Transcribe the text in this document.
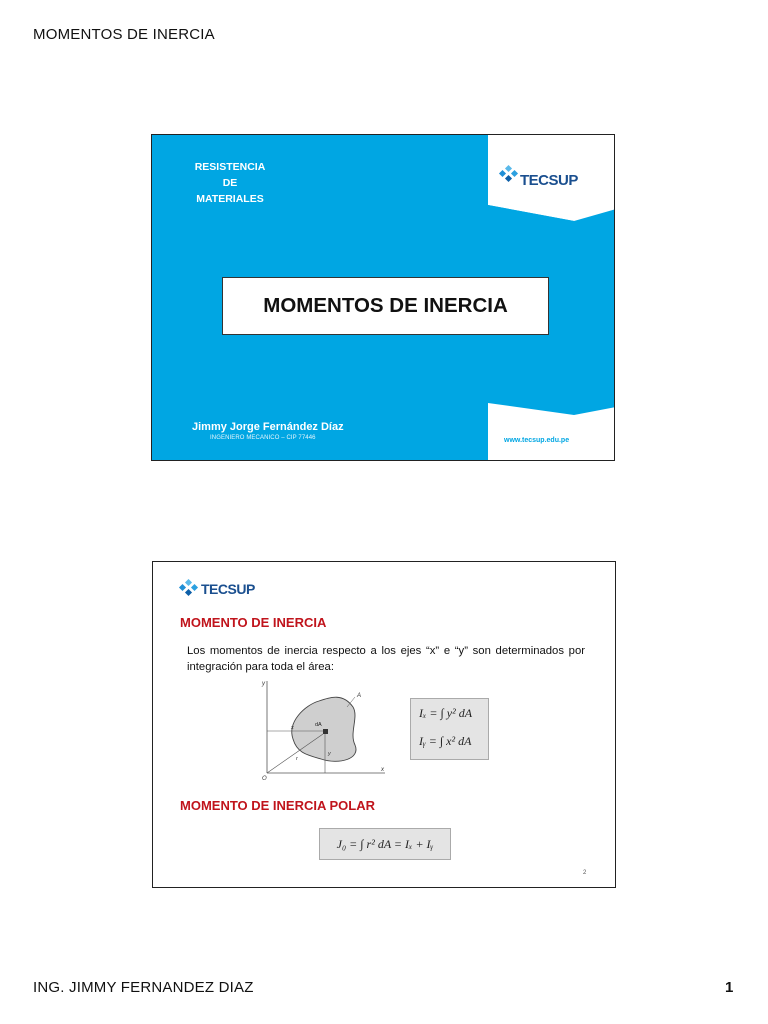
MOMENTOS DE INERCIA
RESISTENCIA DE
MATERIALES
TECSUP
MOMENTOS DE INERCIA
Jimmy Jorge Fernández Díaz
INGENIERO MECANICO – CIP 77446	www.tecsup.edu.pe
TECSUP
MOMENTO DE INERCIA
Los momentos de inercia respecto a los ejes “x” e “y” son determinados por integración para toda el área:
y
x
O
A
dA
x
y
r
Iₓ = ∫ y² dA
Iᵧ = ∫ x² dA
MOMENTO DE INERCIA POLAR
J₀ = ∫ r² dA = Iₓ + Iᵧ
2
ING. JIMMY FERNANDEZ DIAZ	1
